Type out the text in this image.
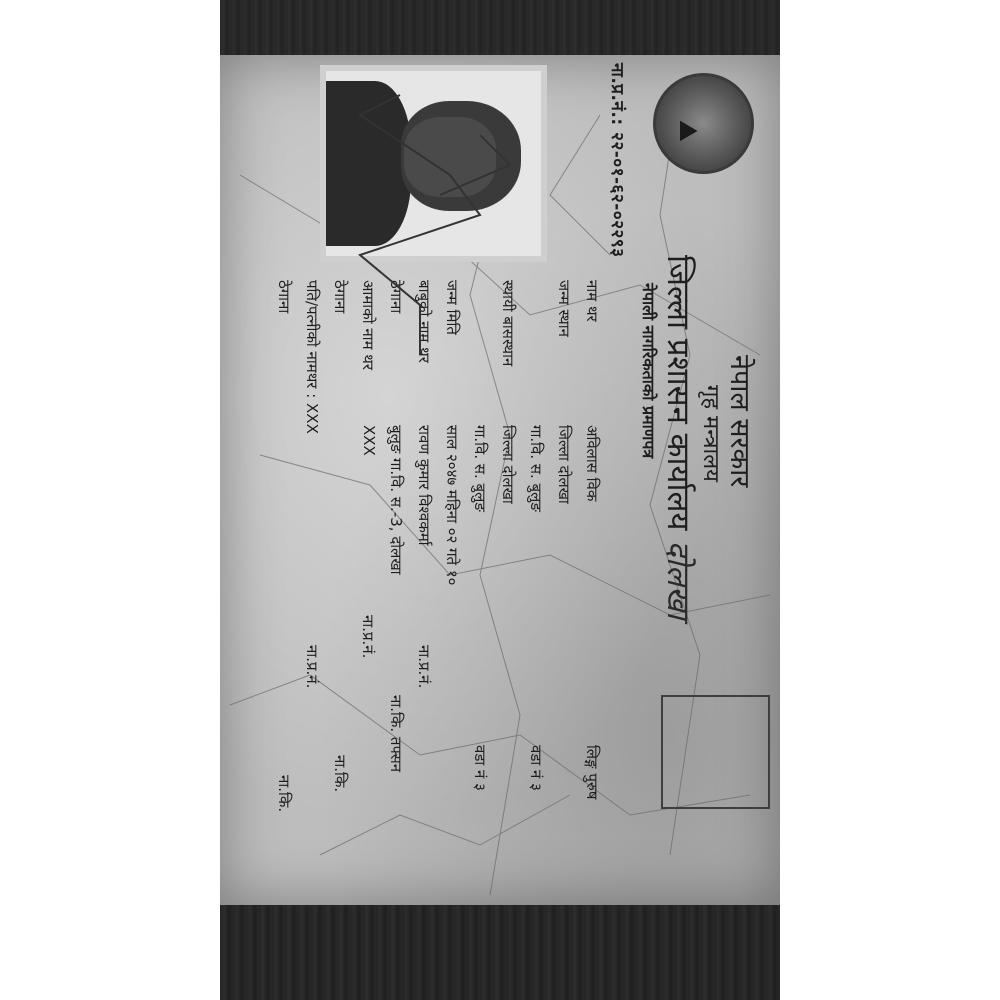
⛰
ना.प्र.नं.: २२-०१-६२-०२२९३
नेपाल सरकार
गृह मन्त्रालय
जिल्ला प्रशासन कार्यालय दोलखा
नेपाली नागरिकताको प्रमाणपत्र
नाम थर
अविलास विक
लिङ्ग पुरुष
जन्म स्थान
जिल्ला दोलखा
गा.वि. स. बुलुङ
वडा नं ३
स्थायी बासस्थान
जिल्ला दोलखा
गा.वि. स. बुलुङ
वडा नं ३
जन्म मिति
साल २०४७ महिना ०२ गते १०
बाबुको नाम थर
रावण कुमार विश्वकर्मा
ना.प्र.नं.
ठेगाना
बुलुङ गा.वि. स.-3, दोलखा
ना.कि. तफ्सन
आमाको नाम थर
XXX
ना.प्र.नं.
ठेगाना
ना.कि.
पति/पत्नीको नामथर : XXX
ना.प्र.नं.
ठेगाना
ना.कि.
